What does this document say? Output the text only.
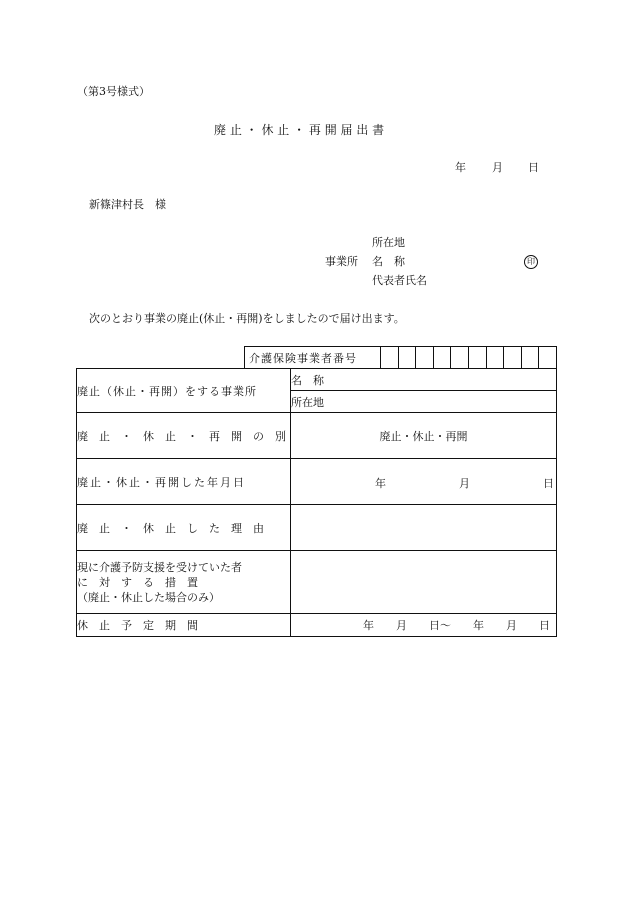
（第3号様式）
廃 止 ・ 休 止 ・ 再 開 届 出 書
年 月 日
新篠津村長　様
所在地
事業所 名　称	印
代表者氏名
次のとおり事業の廃止(休止・再開)をしましたので届け出ます。

介護保険事業者番号	

廃止（休止・再開）をする事業所		名　称
		所在地
廃　止　・　休　止　・　再　開　の　別		廃止・休止・再開
廃止・休止・再開した年月日		年 月 日

廃　止　・　休　止　し　た　理　由		

現に介護予防支援を受けていた者
に　対　す　る　措　置
（廃止・休止した場合のみ）		

休　止　予　定　期　間		年　　月　　日〜　　年　　月　　日
